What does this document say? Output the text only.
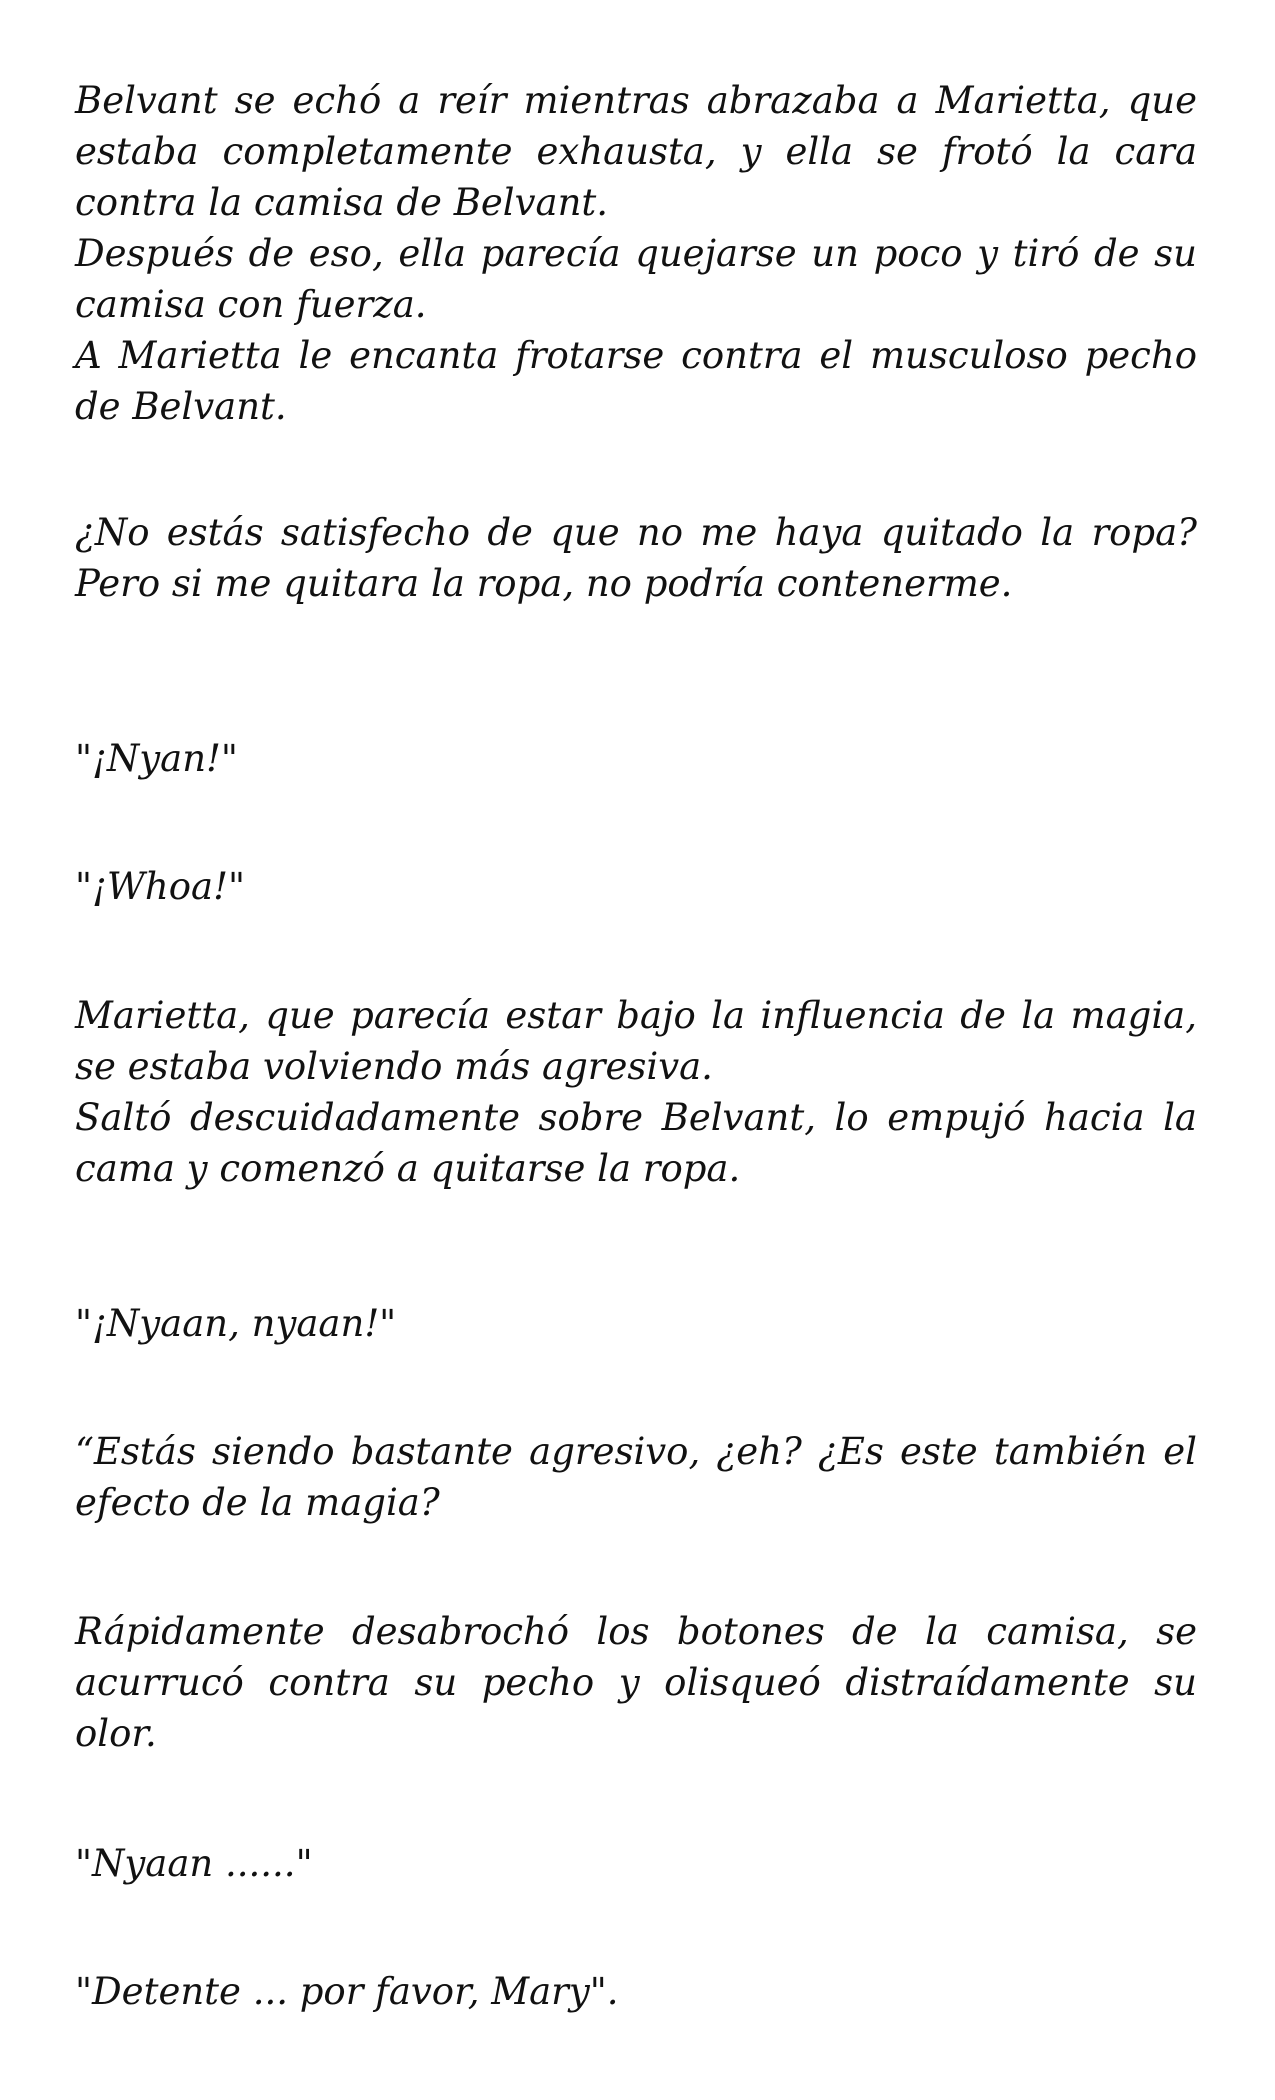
Belvant se echó a reír mientras abrazaba a Marietta, que estaba completamente exhausta, y ella se frotó la cara contra la camisa de Belvant.
Después de eso, ella parecía quejarse un poco y tiró de su camisa con fuerza.
A Marietta le encanta frotarse contra el musculoso pecho de Belvant.

¿No estás satisfecho de que no me haya quitado la ropa? Pero si me quitara la ropa, no podría contenerme.

"¡Nyan!"

"¡Whoa!"

Marietta, que parecía estar bajo la influencia de la magia, se estaba volviendo más agresiva.
Saltó descuidadamente sobre Belvant, lo empujó hacia la cama y comenzó a quitarse la ropa.

"¡Nyaan, nyaan!"

“Estás siendo bastante agresivo, ¿eh? ¿Es este también el efecto de la magia?

Rápidamente desabrochó los botones de la camisa, se acurrucó contra su pecho y olisqueó distraídamente su olor.

"Nyaan ......"

"Detente ... por favor, Mary".
